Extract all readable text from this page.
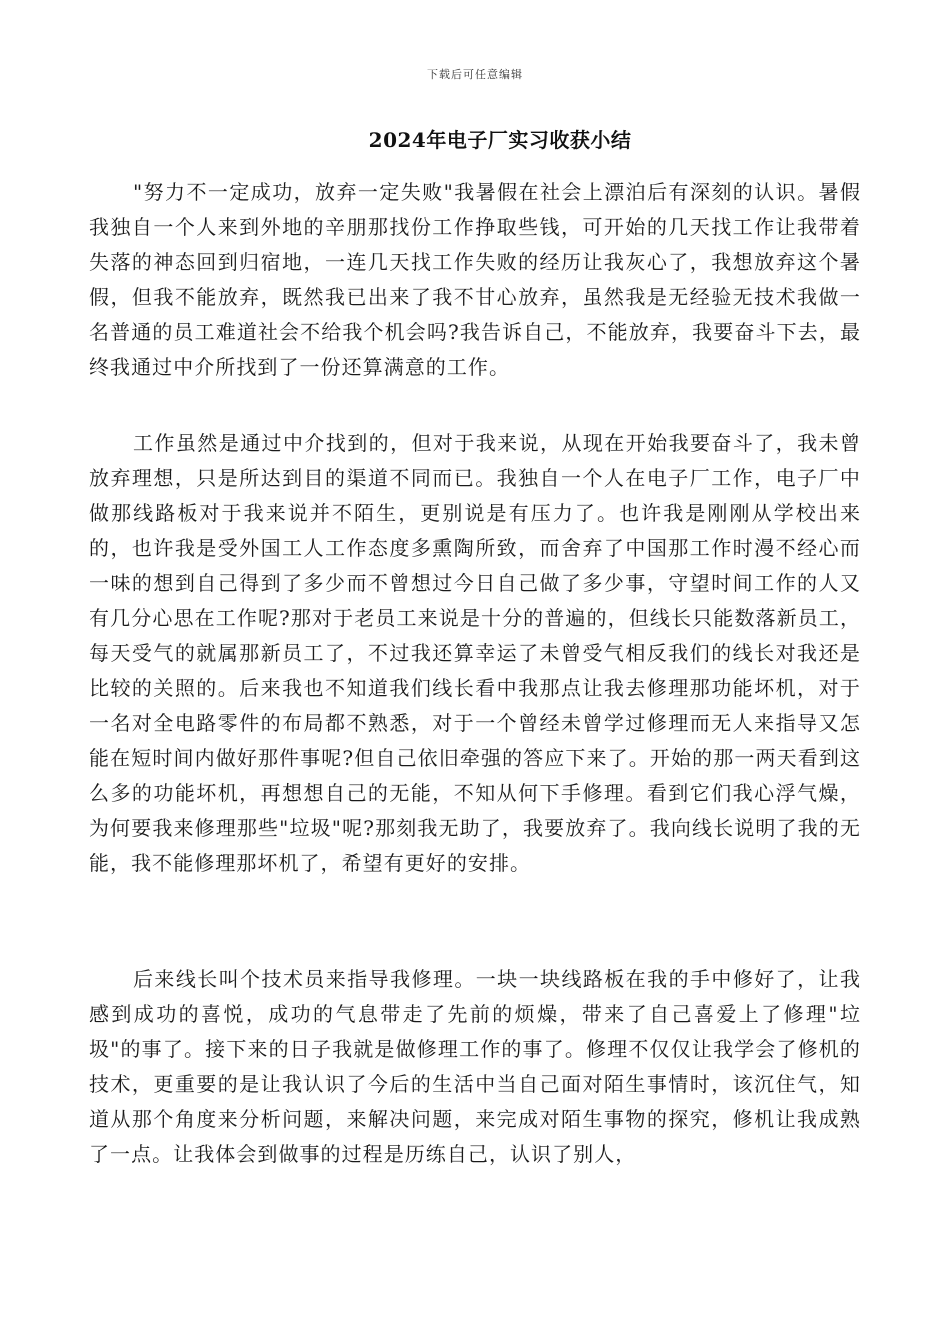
下载后可任意编辑
2024年电子厂实习收获小结

"努力不一定成功，放弃一定失败"我暑假在社会上漂泊后有深刻的认识。暑假我独自一个人来到外地的辛朋那找份工作挣取些钱，可开始的几天找工作让我带着失落的神态回到归宿地，一连几天找工作失败的经历让我灰心了，我想放弃这个暑假，但我不能放弃，既然我已出来了我不甘心放弃，虽然我是无经验无技术我做一名普通的员工难道社会不给我个机会吗?我告诉自己，不能放弃，我要奋斗下去，最终我通过中介所找到了一份还算满意的工作。

工作虽然是通过中介找到的，但对于我来说，从现在开始我要奋斗了，我未曾放弃理想，只是所达到目的渠道不同而已。我独自一个人在电子厂工作，电子厂中做那线路板对于我来说并不陌生，更别说是有压力了。也许我是刚刚从学校出来的，也许我是受外国工人工作态度多熏陶所致，而舍弃了中国那工作时漫不经心而一味的想到自己得到了多少而不曾想过今日自己做了多少事，守望时间工作的人又有几分心思在工作呢?那对于老员工来说是十分的普遍的，但线长只能数落新员工，每天受气的就属那新员工了，不过我还算幸运了未曾受气相反我们的线长对我还是比较的关照的。后来我也不知道我们线长看中我那点让我去修理那功能坏机，对于一名对全电路零件的布局都不熟悉，对于一个曾经未曾学过修理而无人来指导又怎能在短时间内做好那件事呢?但自己依旧牵强的答应下来了。开始的那一两天看到这么多的功能坏机，再想想自己的无能，不知从何下手修理。看到它们我心浮气燥，为何要我来修理那些"垃圾"呢?那刻我无助了，我要放弃了。我向线长说明了我的无能，我不能修理那坏机了，希望有更好的安排。

后来线长叫个技术员来指导我修理。一块一块线路板在我的手中修好了，让我感到成功的喜悦，成功的气息带走了先前的烦燥，带来了自己喜爱上了修理"垃圾"的事了。接下来的日子我就是做修理工作的事了。修理不仅仅让我学会了修机的技术，更重要的是让我认识了今后的生活中当自己面对陌生事情时，该沉住气，知道从那个角度来分析问题，来解决问题，来完成对陌生事物的探究，修机让我成熟了一点。让我体会到做事的过程是历练自己，认识了别人，
